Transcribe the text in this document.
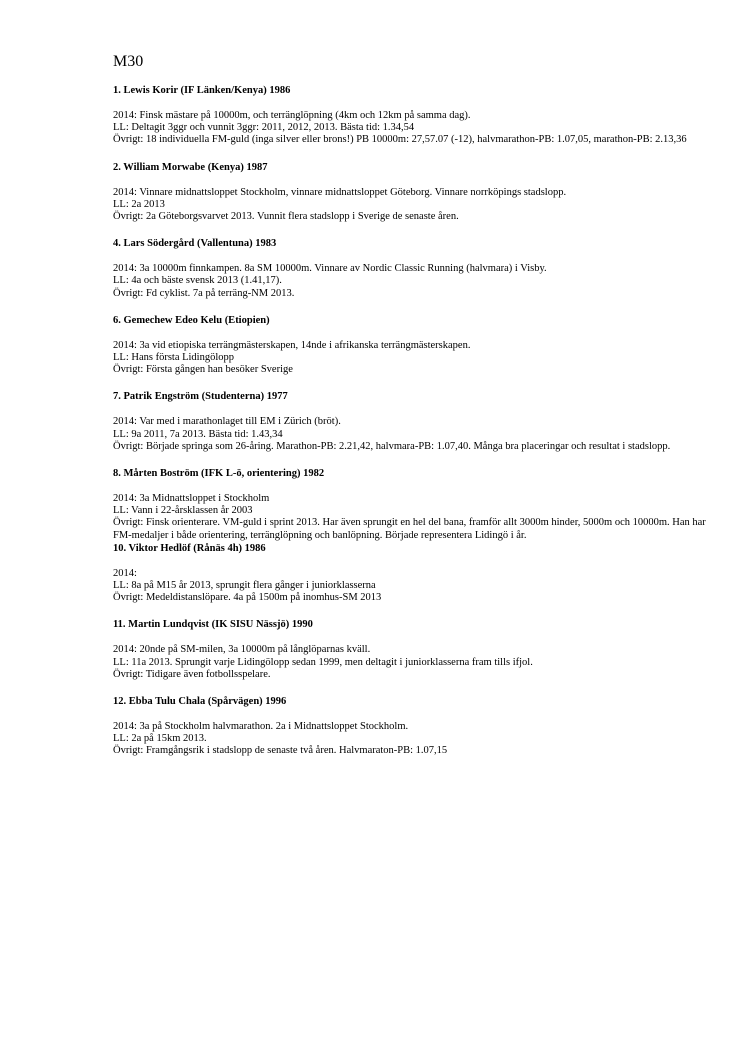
M30
1. Lewis Korir (IF Länken/Kenya) 1986

2014: Finsk mästare på 10000m, och terränglöpning (4km och 12km på samma dag).

LL: Deltagit 3ggr och vunnit 3ggr: 2011, 2012, 2013. Bästa tid: 1.34,54

Övrigt: 18 individuella FM-guld (inga silver eller brons!) PB 10000m: 27,57.07 (-12), halvmarathon-PB: 1.07,05, marathon-PB: 2.13,36

2. William Morwabe (Kenya) 1987

2014: Vinnare midnattsloppet Stockholm, vinnare midnattsloppet Göteborg. Vinnare norrköpings stadslopp.

LL: 2a 2013

Övrigt: 2a Göteborgsvarvet 2013. Vunnit flera stadslopp i Sverige de senaste åren.

4. Lars Södergård (Vallentuna) 1983

2014: 3a 10000m finnkampen. 8a SM 10000m. Vinnare av Nordic Classic Running (halvmara) i Visby.

LL: 4a och bäste svensk 2013 (1.41,17).

Övrigt: Fd cyklist. 7a på terräng-NM 2013.

6. Gemechew Edeo Kelu (Etiopien)

2014: 3a vid etiopiska terrängmästerskapen, 14nde i afrikanska terrängmästerskapen.

LL: Hans första Lidingölopp

Övrigt: Första gången han besöker Sverige

7. Patrik Engström (Studenterna) 1977

2014: Var med i marathonlaget till EM i Zürich (bröt).

LL: 9a 2011, 7a 2013. Bästa tid: 1.43,34

Övrigt: Började springa som 26-åring. Marathon-PB: 2.21,42, halvmara-PB: 1.07,40. Många bra placeringar och resultat i stadslopp.

8. Mårten Boström (IFK L-ö, orientering) 1982

2014: 3a Midnattsloppet i Stockholm

LL: Vann i 22-årsklassen år 2003

Övrigt: Finsk orienterare. VM-guld i sprint 2013. Har även sprungit en hel del bana, framför allt 3000m hinder, 5000m och 10000m. Han har FM-medaljer i både orientering, terränglöpning och banlöpning. Började representera Lidingö i år.

10. Viktor Hedlöf (Rånäs 4h) 1986

2014:

LL: 8a på M15 år 2013, sprungit flera gånger i juniorklasserna

Övrigt: Medeldistanslöpare. 4a på 1500m på inomhus-SM 2013

11. Martin Lundqvist (IK SISU Nässjö) 1990

2014: 20nde på SM-milen, 3a 10000m på långlöparnas kväll.

LL: 11a 2013. Sprungit varje Lidingölopp sedan 1999, men deltagit i juniorklasserna fram tills ifjol.

Övrigt: Tidigare även fotbollsspelare.

12. Ebba Tulu Chala (Spårvägen) 1996

2014: 3a på Stockholm halvmarathon. 2a i Midnattsloppet Stockholm.

LL: 2a på 15km 2013.

Övrigt: Framgångsrik i stadslopp de senaste två åren. Halvmaraton-PB: 1.07,15
